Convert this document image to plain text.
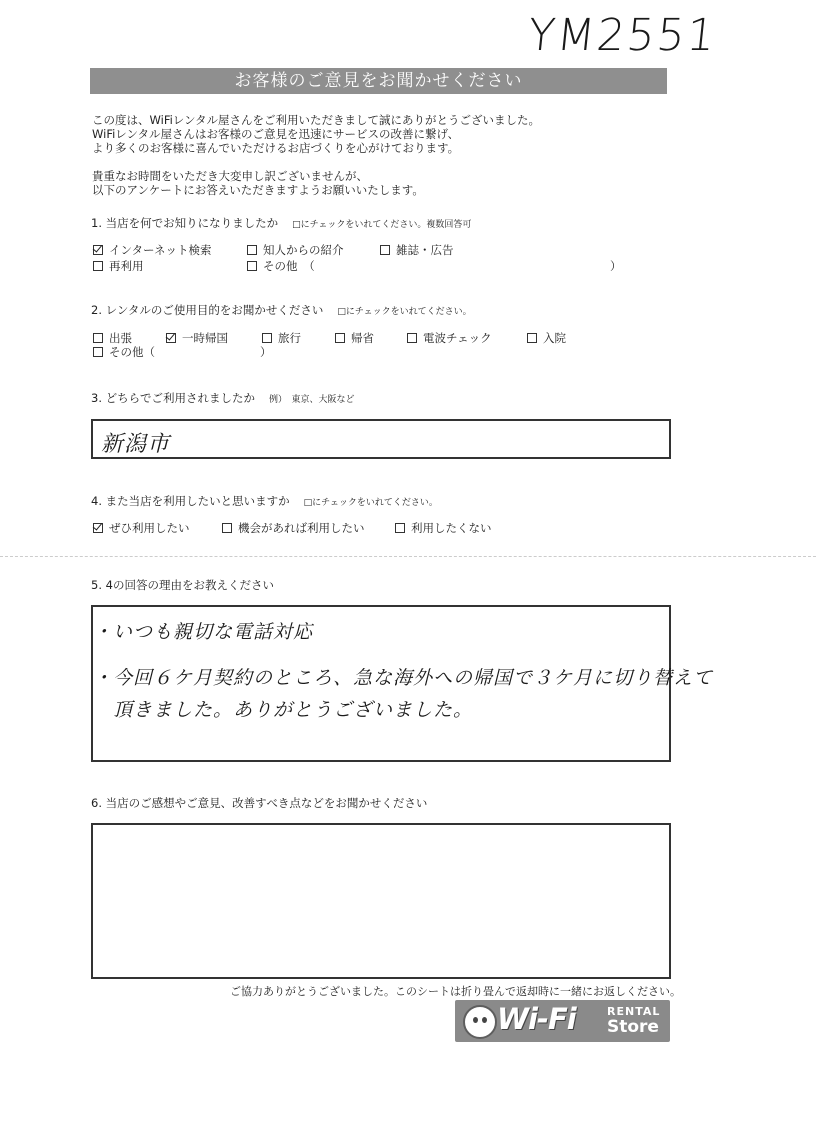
YM2551
お客様のご意見をお聞かせください
この度は、WiFiレンタル屋さんをご利用いただきまして誠にありがとうございました。
WiFiレンタル屋さんはお客様のご意見を迅速にサービスの改善に繋げ、
より多くのお客様に喜んでいただけるお店づくりを心がけております。
貴重なお時間をいただき大変申し訳ございませんが、
以下のアンケートにお答えいただきますようお願いいたします。
1. 当店を何でお知りになりましたか □にチェックをいれてください。複数回答可
インターネット検索	知人からの紹介	雑誌・広告
再利用	その他　（	）
2. レンタルのご使用目的をお聞かせください □にチェックをいれてください。
出張	一時帰国	旅行	帰省	電波チェック	入院
その他（	）
3. どちらでご利用されましたか 例）　東京、大阪など
新潟市
4. また当店を利用したいと思いますか □にチェックをいれてください。
ぜひ利用したい	機会があれば利用したい	利用したくない
5. 4の回答の理由をお教えください
・いつも親切な電話対応
・今回６ケ月契約のところ、急な海外への帰国で３ケ月に切り替えて
　頂きました。ありがとうございました。
6. 当店のご感想やご意見、改善すべき点などをお聞かせください
ご協力ありがとうございました。このシートは折り畳んで返却時に一緒にお返しください。
Wi-Fi	RENTAL
Store
